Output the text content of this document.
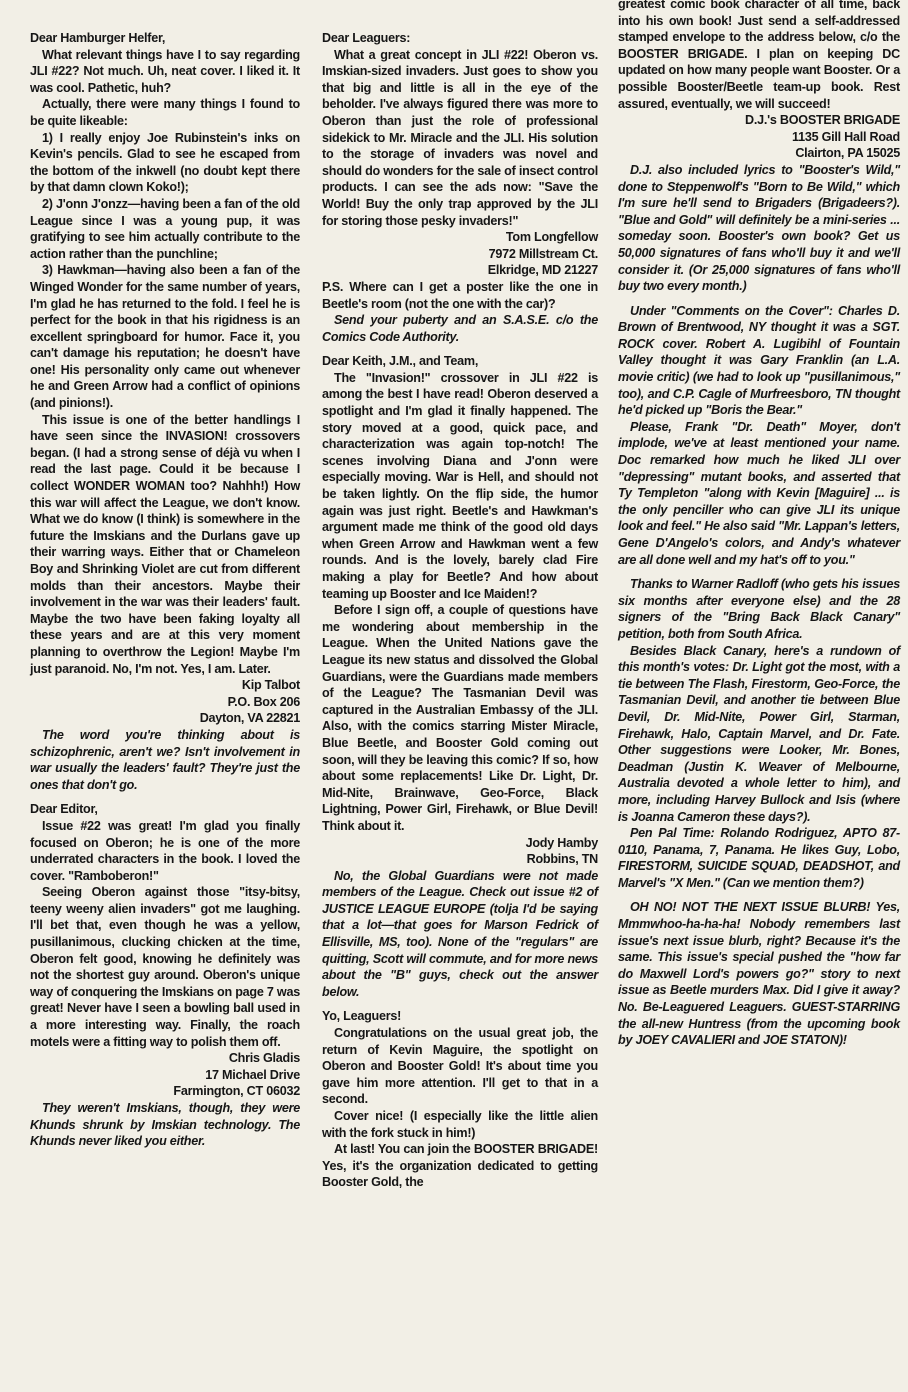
Dear Hamburger Helfer,
What relevant things have I to say regarding JLI #22? Not much. Uh, neat cover. I liked it. It was cool. Pathetic, huh?
Actually, there were many things I found to be quite likeable:
1) I really enjoy Joe Rubinstein's inks on Kevin's pencils. Glad to see he escaped from the bottom of the inkwell (no doubt kept there by that damn clown Koko!);
2) J'onn J'onzz—having been a fan of the old League since I was a young pup, it was gratifying to see him actually contribute to the action rather than the punchline;
3) Hawkman—having also been a fan of the Winged Wonder for the same number of years, I'm glad he has returned to the fold. I feel he is perfect for the book in that his rigidness is an excellent springboard for humor. Face it, you can't damage his reputation; he doesn't have one! His personality only came out whenever he and Green Arrow had a conflict of opinions (and pinions!).
This issue is one of the better handlings I have seen since the INVASION! crossovers began. (I had a strong sense of déjà vu when I read the last page. Could it be because I collect WONDER WOMAN too? Nahhh!) How this war will affect the League, we don't know. What we do know (I think) is somewhere in the future the Imskians and the Durlans gave up their warring ways. Either that or Chameleon Boy and Shrinking Violet are cut from different molds than their ancestors. Maybe their involvement in the war was their leaders' fault. Maybe the two have been faking loyalty all these years and are at this very moment planning to overthrow the Legion! Maybe I'm just paranoid. No, I'm not. Yes, I am. Later.
Kip Talbot
P.O. Box 206
Dayton, VA 22821
The word you're thinking about is schizophrenic, aren't we? Isn't involvement in war usually the leaders' fault? They're just the ones that don't go.
Dear Editor,
Issue #22 was great! I'm glad you finally focused on Oberon; he is one of the more underrated characters in the book. I loved the cover. "Ramboberon!"
Seeing Oberon against those "itsy-bitsy, teeny weeny alien invaders" got me laughing. I'll bet that, even though he was a yellow, pusillanimous, clucking chicken at the time, Oberon felt good, knowing he definitely was not the shortest guy around. Oberon's unique way of conquering the Imskians on page 7 was great! Never have I seen a bowling ball used in a more interesting way. Finally, the roach motels were a fitting way to polish them off.
Chris Gladis
17 Michael Drive
Farmington, CT 06032
They weren't Imskians, though, they were Khunds shrunk by Imskian technology. The Khunds never liked you either.
Dear Leaguers:
What a great concept in JLI #22! Oberon vs. Imskian-sized invaders. Just goes to show you that big and little is all in the eye of the beholder. I've always figured there was more to Oberon than just the role of professional sidekick to Mr. Miracle and the JLI. His solution to the storage of invaders was novel and should do wonders for the sale of insect control products. I can see the ads now: "Save the World! Buy the only trap approved by the JLI for storing those pesky invaders!"
Tom Longfellow
7972 Millstream Ct.
Elkridge, MD 21227
P.S. Where can I get a poster like the one in Beetle's room (not the one with the car)?
Send your puberty and an S.A.S.E. c/o the Comics Code Authority.
Dear Keith, J.M., and Team,
The "Invasion!" crossover in JLI #22 is among the best I have read! Oberon deserved a spotlight and I'm glad it finally happened. The story moved at a good, quick pace, and characterization was again top-notch! The scenes involving Diana and J'onn were especially moving. War is Hell, and should not be taken lightly. On the flip side, the humor again was just right. Beetle's and Hawkman's argument made me think of the good old days when Green Arrow and Hawkman went a few rounds. And is the lovely, barely clad Fire making a play for Beetle? And how about teaming up Booster and Ice Maiden!?
Before I sign off, a couple of questions have me wondering about membership in the League. When the United Nations gave the League its new status and dissolved the Global Guardians, were the Guardians made members of the League? The Tasmanian Devil was captured in the Australian Embassy of the JLI. Also, with the comics starring Mister Miracle, Blue Beetle, and Booster Gold coming out soon, will they be leaving this comic? If so, how about some replacements! Like Dr. Light, Dr. Mid-Nite, Brainwave, Geo-Force, Black Lightning, Power Girl, Firehawk, or Blue Devil! Think about it.
Jody Hamby
Robbins, TN
No, the Global Guardians were not made members of the League. Check out issue #2 of JUSTICE LEAGUE EUROPE (tolja I'd be saying that a lot—that goes for Marson Fedrick of Ellisville, MS, too). None of the "regulars" are quitting, Scott will commute, and for more news about the "B" guys, check out the answer below.
Yo, Leaguers!
Congratulations on the usual great job, the return of Kevin Maguire, the spotlight on Oberon and Booster Gold! It's about time you gave him more attention. I'll get to that in a second.
Cover nice! (I especially like the little alien with the fork stuck in him!)
At last! You can join the BOOSTER BRIGADE! Yes, it's the organization dedicated to getting Booster Gold, the
greatest comic book character of all time, back into his own book! Just send a self-addressed stamped envelope to the address below, c/o the BOOSTER BRIGADE. I plan on keeping DC updated on how many people want Booster. Or a possible Booster/Beetle team-up book. Rest assured, eventually, we will succeed!
D.J.'s BOOSTER BRIGADE
1135 Gill Hall Road
Clairton, PA 15025
D.J. also included lyrics to "Booster's Wild," done to Steppenwolf's "Born to Be Wild," which I'm sure he'll send to Brigaders (Brigadeers?). "Blue and Gold" will definitely be a mini-series ... someday soon. Booster's own book? Get us 50,000 signatures of fans who'll buy it and we'll consider it. (Or 25,000 signatures of fans who'll buy two every month.)
Under "Comments on the Cover": Charles D. Brown of Brentwood, NY thought it was a SGT. ROCK cover. Robert A. Lugibihl of Fountain Valley thought it was Gary Franklin (an L.A. movie critic) (we had to look up "pusillanimous," too), and C.P. Cagle of Murfreesboro, TN thought he'd picked up "Boris the Bear."
Please, Frank "Dr. Death" Moyer, don't implode, we've at least mentioned your name. Doc remarked how much he liked JLI over "depressing" mutant books, and asserted that Ty Templeton "along with Kevin [Maguire] ... is the only penciller who can give JLI its unique look and feel." He also said "Mr. Lappan's letters, Gene D'Angelo's colors, and Andy's whatever are all done well and my hat's off to you."
Thanks to Warner Radloff (who gets his issues six months after everyone else) and the 28 signers of the "Bring Back Black Canary" petition, both from South Africa.
Besides Black Canary, here's a rundown of this month's votes: Dr. Light got the most, with a tie between The Flash, Firestorm, Geo-Force, the Tasmanian Devil, and another tie between Blue Devil, Dr. Mid-Nite, Power Girl, Starman, Firehawk, Halo, Captain Marvel, and Dr. Fate. Other suggestions were Looker, Mr. Bones, Deadman (Justin K. Weaver of Melbourne, Australia devoted a whole letter to him), and more, including Harvey Bullock and Isis (where is Joanna Cameron these days?).
Pen Pal Time: Rolando Rodriguez, APTO 87-0110, Panama, 7, Panama. He likes Guy, Lobo, FIRESTORM, SUICIDE SQUAD, DEADSHOT, and Marvel's "X Men." (Can we mention them?)
OH NO! NOT THE NEXT ISSUE BLURB! Yes, Mmmwhoo-ha-ha-ha! Nobody remembers last issue's next issue blurb, right? Because it's the same. This issue's special pushed the "how far do Maxwell Lord's powers go?" story to next issue as Beetle murders Max. Did I give it away? No. Be-Leaguered Leaguers. GUEST-STARRING the all-new Huntress (from the upcoming book by JOEY CAVALIERI and JOE STATON)!
